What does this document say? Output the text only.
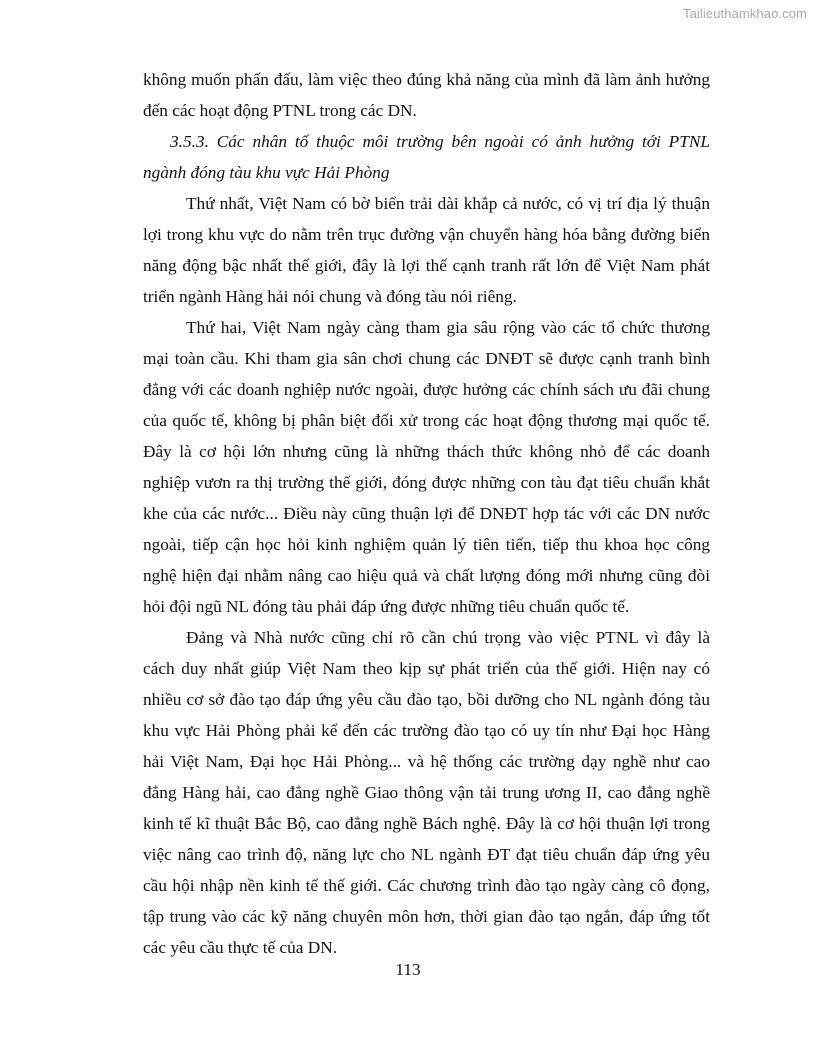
Tailieuthamkhao.com
không muốn phấn đấu, làm việc theo đúng khả năng của mình đã làm ảnh hưởng
đến các hoạt động PTNL trong các DN.
3.5.3. Các nhân tố thuộc môi trường bên ngoài có ảnh hưởng tới PTNL
ngành đóng tàu khu vực Hải Phòng
Thứ nhất, Việt Nam có bờ biển trải dài khắp cả nước, có vị trí địa lý thuận
lợi trong khu vực do nằm trên trục đường vận chuyển hàng hóa bằng đường biển
năng động bậc nhất thế giới, đây là lợi thế cạnh tranh rất lớn để Việt Nam phát
triển ngành Hàng hải nói chung và đóng tàu nói riêng.
Thứ hai, Việt Nam ngày càng tham gia sâu rộng vào các tổ chức thương
mại toàn cầu. Khi tham gia sân chơi chung các DNĐT sẽ được cạnh tranh bình
đẳng với các doanh nghiệp nước ngoài, được hưởng các chính sách ưu đãi chung
của quốc tế, không bị phân biệt đối xử trong các hoạt động thương mại quốc tế.
Đây là cơ hội lớn nhưng cũng là những thách thức không nhỏ để các doanh
nghiệp vươn ra thị trường thế giới, đóng được những con tàu đạt tiêu chuẩn khắt
khe của các nước... Điều này cũng thuận lợi để DNĐT hợp tác với các DN nước
ngoài, tiếp cận học hỏi kinh nghiệm quản lý tiên tiến, tiếp thu khoa học công
nghệ hiện đại nhằm nâng cao hiệu quả và chất lượng đóng mới nhưng cũng đòi
hỏi đội ngũ NL đóng tàu phải đáp ứng được những tiêu chuẩn quốc tế.
Đảng và Nhà nước cũng chỉ rõ cần chú trọng vào việc PTNL vì đây là
cách duy nhất giúp Việt Nam theo kịp sự phát triển của thế giới. Hiện nay có
nhiều cơ sở đào tạo đáp ứng yêu cầu đào tạo, bồi dưỡng cho NL ngành đóng tàu
khu vực Hải Phòng phải kể đến các trường đào tạo có uy tín như Đại học Hàng
hải Việt Nam, Đại học Hải Phòng... và hệ thống các trường dạy nghề như cao
đẳng Hàng hải, cao đẳng nghề Giao thông vận tải trung ương II, cao đẳng nghề
kinh tế kĩ thuật Bắc Bộ, cao đẳng nghề Bách nghệ. Đây là cơ hội thuận lợi trong
việc nâng cao trình độ, năng lực cho NL ngành ĐT đạt tiêu chuẩn đáp ứng yêu
cầu hội nhập nền kinh tế thế giới. Các chương trình đào tạo ngày càng cô đọng,
tập trung vào các kỹ năng chuyên môn hơn, thời gian đào tạo ngắn, đáp ứng tốt
các yêu cầu thực tế của DN.
113
